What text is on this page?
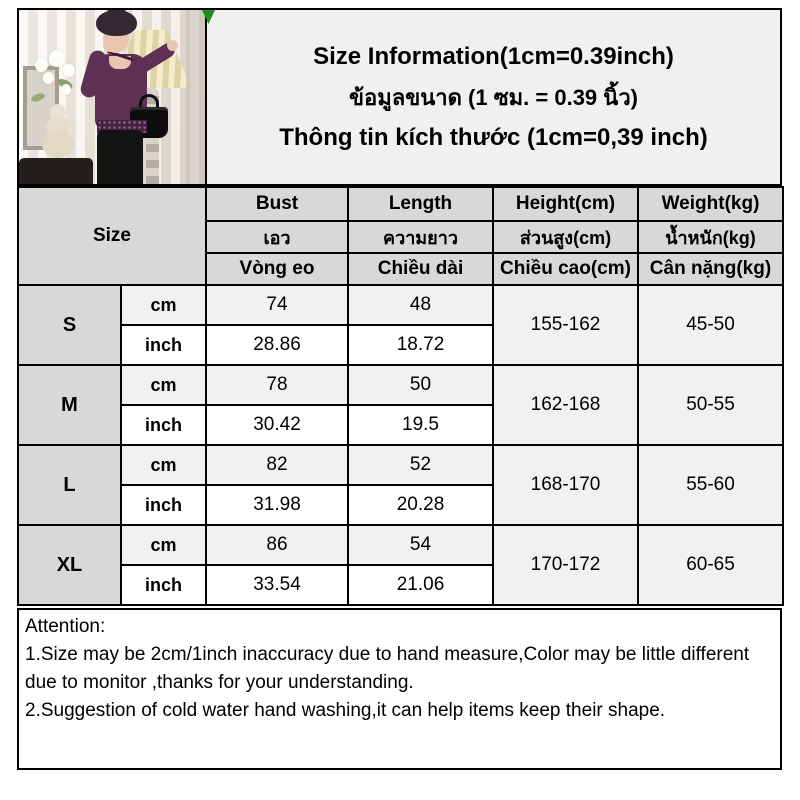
Size Information(1cm=0.39inch)
ข้อมูลขนาด (1 ซม. = 0.39 นิ้ว)
Thông tin kích thước (1cm=0,39 inch)
Size		Bust	Length	Height(cm)	Weight(kg)
		เอว	ความยาว	ส่วนสูง(cm)	น้ำหนัก(kg)
		Vòng eo	Chiều dài	Chiều cao(cm)	Cân nặng(kg)
S	cm	74	48	155-162	45-50
	inch	28.86	18.72		
M	cm	78	50	162-168	50-55
	inch	30.42	19.5		
L	cm	82	52	168-170	55-60
	inch	31.98	20.28		
XL	cm	86	54	170-172	60-65
	inch	33.54	21.06		
Attention:
1.Size may be 2cm/1inch inaccuracy due to hand measure,Color may be little different
due to monitor ,thanks for your understanding.
2.Suggestion of cold water hand washing,it can help items keep their shape.
